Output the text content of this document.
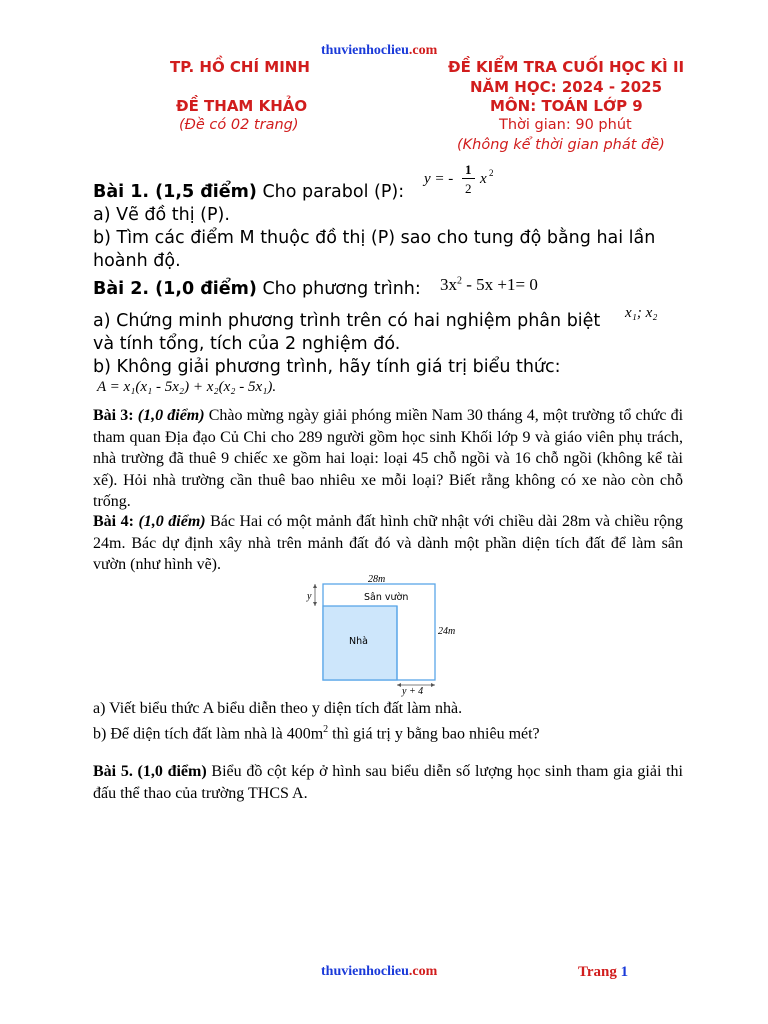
thuvienhoclieu.com
TP. HỒ CHÍ MINH
ĐỀ THAM KHẢO
(Đề có 02 trang)
ĐỀ KIỂM TRA CUỐI HỌC KÌ II
NĂM HỌC: 2024 - 2025
MÔN: TOÁN LỚP 9
Thời gian: 90 phút
(Không kể thời gian phát đề)
Bài 1. (1,5 điểm) Cho parabol (P):
y = -
1
2
x 2
a) Vẽ đồ thị (P).
b) Tìm các điểm M thuộc đồ thị (P) sao cho tung độ bằng hai lần
hoành độ.
Bài 2. (1,0 điểm) Cho phương trình: $3x^2 - 5x +1= 0$
a) Chứng minh phương trình trên có hai nghiệm phân biệt x₁; x₂
và tính tổng, tích của 2 nghiệm đó.
b) Không giải phương trình, hãy tính giá trị biểu thức:
A = x₁(x₁ - 5x₂) + x₂(x₂ - 5x₁).
Bài 3: (1,0 điểm) Chào mừng ngày giải phóng miền Nam 30 tháng 4, một trường tổ chức đi tham quan Địa đạo Củ Chi cho 289 người gồm học sinh Khối lớp 9 và giáo viên phụ trách, nhà trường đã thuê 9 chiếc xe gồm hai loại: loại 45 chỗ ngồi và 16 chỗ ngồi (không kể tài xế). Hỏi nhà trường cần thuê bao nhiêu xe mỗi loại? Biết rằng không có xe nào còn chỗ trống.
Bài 4: (1,0 điểm) Bác Hai có một mảnh đất hình chữ nhật với chiều dài 28m và chiều rộng 24m. Bác dự định xây nhà trên mảnh đất đó và dành một phần diện tích đất để làm sân vườn (như hình vẽ).
28m
24m
y
y + 4
Sân vườn
Nhà
a) Viết biểu thức A biểu diễn theo y diện tích đất làm nhà.
b) Để diện tích đất làm nhà là $400m^2$ thì giá trị y bằng bao nhiêu mét?
Bài 5. (1,0 điểm) Biểu đồ cột kép ở hình sau biểu diễn số lượng học sinh tham gia giải thi đấu thể thao của trường THCS A.
thuvienhoclieu.com	Trang 1
